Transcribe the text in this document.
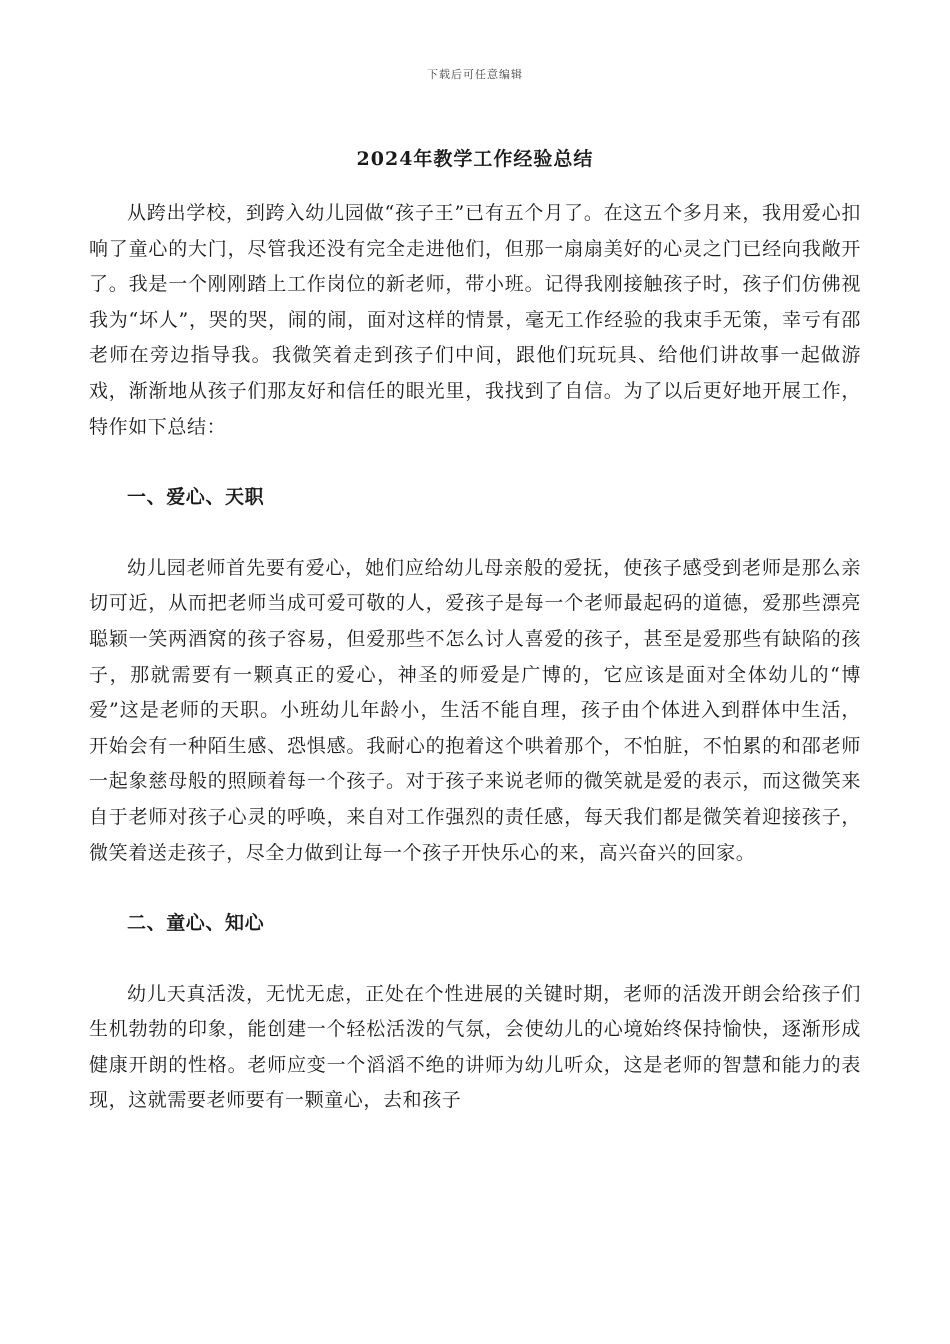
下载后可任意编辑
2024年教学工作经验总结

从跨出学校，到跨入幼儿园做“孩子王”已有五个月了。在这五个多月来，我用爱心扣响了童心的大门，尽管我还没有完全走进他们，但那一扇扇美好的心灵之门已经向我敞开了。我是一个刚刚踏上工作岗位的新老师，带小班。记得我刚接触孩子时，孩子们仿佛视我为“坏人”，哭的哭，闹的闹，面对这样的情景，毫无工作经验的我束手无策，幸亏有邵老师在旁边指导我。我微笑着走到孩子们中间，跟他们玩玩具、给他们讲故事一起做游戏，渐渐地从孩子们那友好和信任的眼光里，我找到了自信。为了以后更好地开展工作，特作如下总结：

一、爱心、天职

幼儿园老师首先要有爱心，她们应给幼儿母亲般的爱抚，使孩子感受到老师是那么亲切可近，从而把老师当成可爱可敬的人，爱孩子是每一个老师最起码的道德，爱那些漂亮聪颖一笑两酒窝的孩子容易，但爱那些不怎么讨人喜爱的孩子，甚至是爱那些有缺陷的孩子，那就需要有一颗真正的爱心，神圣的师爱是广博的，它应该是面对全体幼儿的“博爱”这是老师的天职。小班幼儿年龄小，生活不能自理，孩子由个体进入到群体中生活，开始会有一种陌生感、恐惧感。我耐心的抱着这个哄着那个，不怕脏，不怕累的和邵老师一起象慈母般的照顾着每一个孩子。对于孩子来说老师的微笑就是爱的表示，而这微笑来自于老师对孩子心灵的呼唤，来自对工作强烈的责任感，每天我们都是微笑着迎接孩子，微笑着送走孩子，尽全力做到让每一个孩子开快乐心的来，高兴奋兴的回家。

二、童心、知心

幼儿天真活泼，无忧无虑，正处在个性进展的关键时期，老师的活泼开朗会给孩子们生机勃勃的印象，能创建一个轻松活泼的气氛，会使幼儿的心境始终保持愉快，逐渐形成健康开朗的性格。老师应变一个滔滔不绝的讲师为幼儿听众，这是老师的智慧和能力的表现，这就需要老师要有一颗童心，去和孩子
